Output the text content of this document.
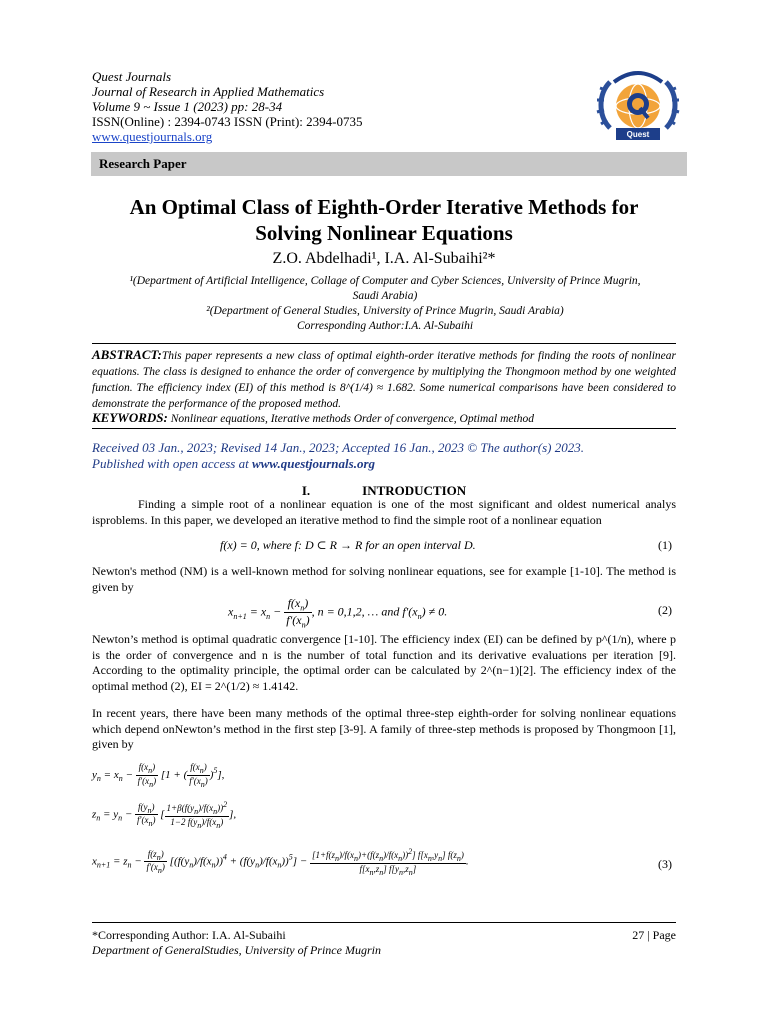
Quest Journals
Journal of Research in Applied Mathematics
Volume 9 ~ Issue 1 (2023) pp: 28-34
ISSN(Online) : 2394-0743 ISSN (Print): 2394-0735
www.questjournals.org	Quest
Research Paper
An Optimal Class of Eighth-Order Iterative Methods for
Solving Nonlinear Equations
Z.O. Abdelhadi¹, I.A. Al-Subaihi²*
¹(Department of Artificial Intelligence, Collage of Computer and Cyber Sciences, University of Prince Mugrin,
Saudi Arabia)
²(Department of General Studies, University of Prince Mugrin, Saudi Arabia)
Corresponding Author:I.A. Al-Subaihi
ABSTRACT:This paper represents a new class of optimal eighth-order iterative methods for finding the roots of nonlinear equations. The class is designed to enhance the order of convergence by multiplying the Thongmoon method by one weighted function. The efficiency index (EI) of this method is 8^(1/4) ≈ 1.682. Some numerical comparisons have been considered to demonstrate the performance of the proposed method.
KEYWORDS: Nonlinear equations, Iterative methods Order of convergence, Optimal method
Received 03 Jan., 2023; Revised 14 Jan., 2023; Accepted 16 Jan., 2023 © The author(s) 2023.
Published with open access at www.questjournals.org
I.	INTRODUCTION
Finding a simple root of a nonlinear equation is one of the most significant and oldest numerical analys isproblems. In this paper, we developed an iterative method to find the simple root of a nonlinear equation
f(x) = 0, where f: D ⊂ R → R for an open interval D.	(1)
Newton's method (NM) is a well-known method for solving nonlinear equations, see for example [1-10]. The method is given by
$x_{n+1} = x_n - \frac{f(x_n)}{f'(x_n)}$ , n = 0,1,2, … and $f'(x_n) \ne 0$.	(2)
Newton’s method is optimal quadratic convergence [1-10]. The efficiency index (EI) can be defined by p^(1/n), where p is the order of convergence and n is the number of total function and its derivative evaluations per iteration [9]. According to the optimality principle, the optimal order can be calculated by 2^(n−1)[2]. The efficiency index of the optimal method (2), EI = 2^(1/2) ≈ 1.4142.
In recent years, there have been many methods of the optimal three-step eighth-order for solving nonlinear equations which depend onNewton’s method in the first step [3-9]. A family of three-step methods is proposed by Thongmoon [1], given by
$y_n = x_n - \frac{f(x_n)}{f'(x_n)} [1$ + ( $\frac{f(x_n)}{f'(x_n)} )^5$],
$z_n = y_n - \frac{f(y_n)}{f'(x_n)}$ [ $\frac{1+\beta(f(y_n)/f(x_n))^2}{1-2 f(y_n)/f(x_n)}$ ],
$x_{n+1} = z_n - \frac{f(z_n)}{f'(x_n)} [(f(y_n)/f(x_n))^4 + (f(y_n)/f(x_n))^5] - \frac{[1+f(z_n)/f(x_n)+(f(z_n)/f(x_n))^2] f[x_n,y_n] f(z_n)}{f[x_n,z_n] f[y_n,z_n]}$ .	(3)
*Corresponding Author: I.A. Al-Subaihi
Department of GeneralStudies, University of Prince Mugrin
27 | Page
